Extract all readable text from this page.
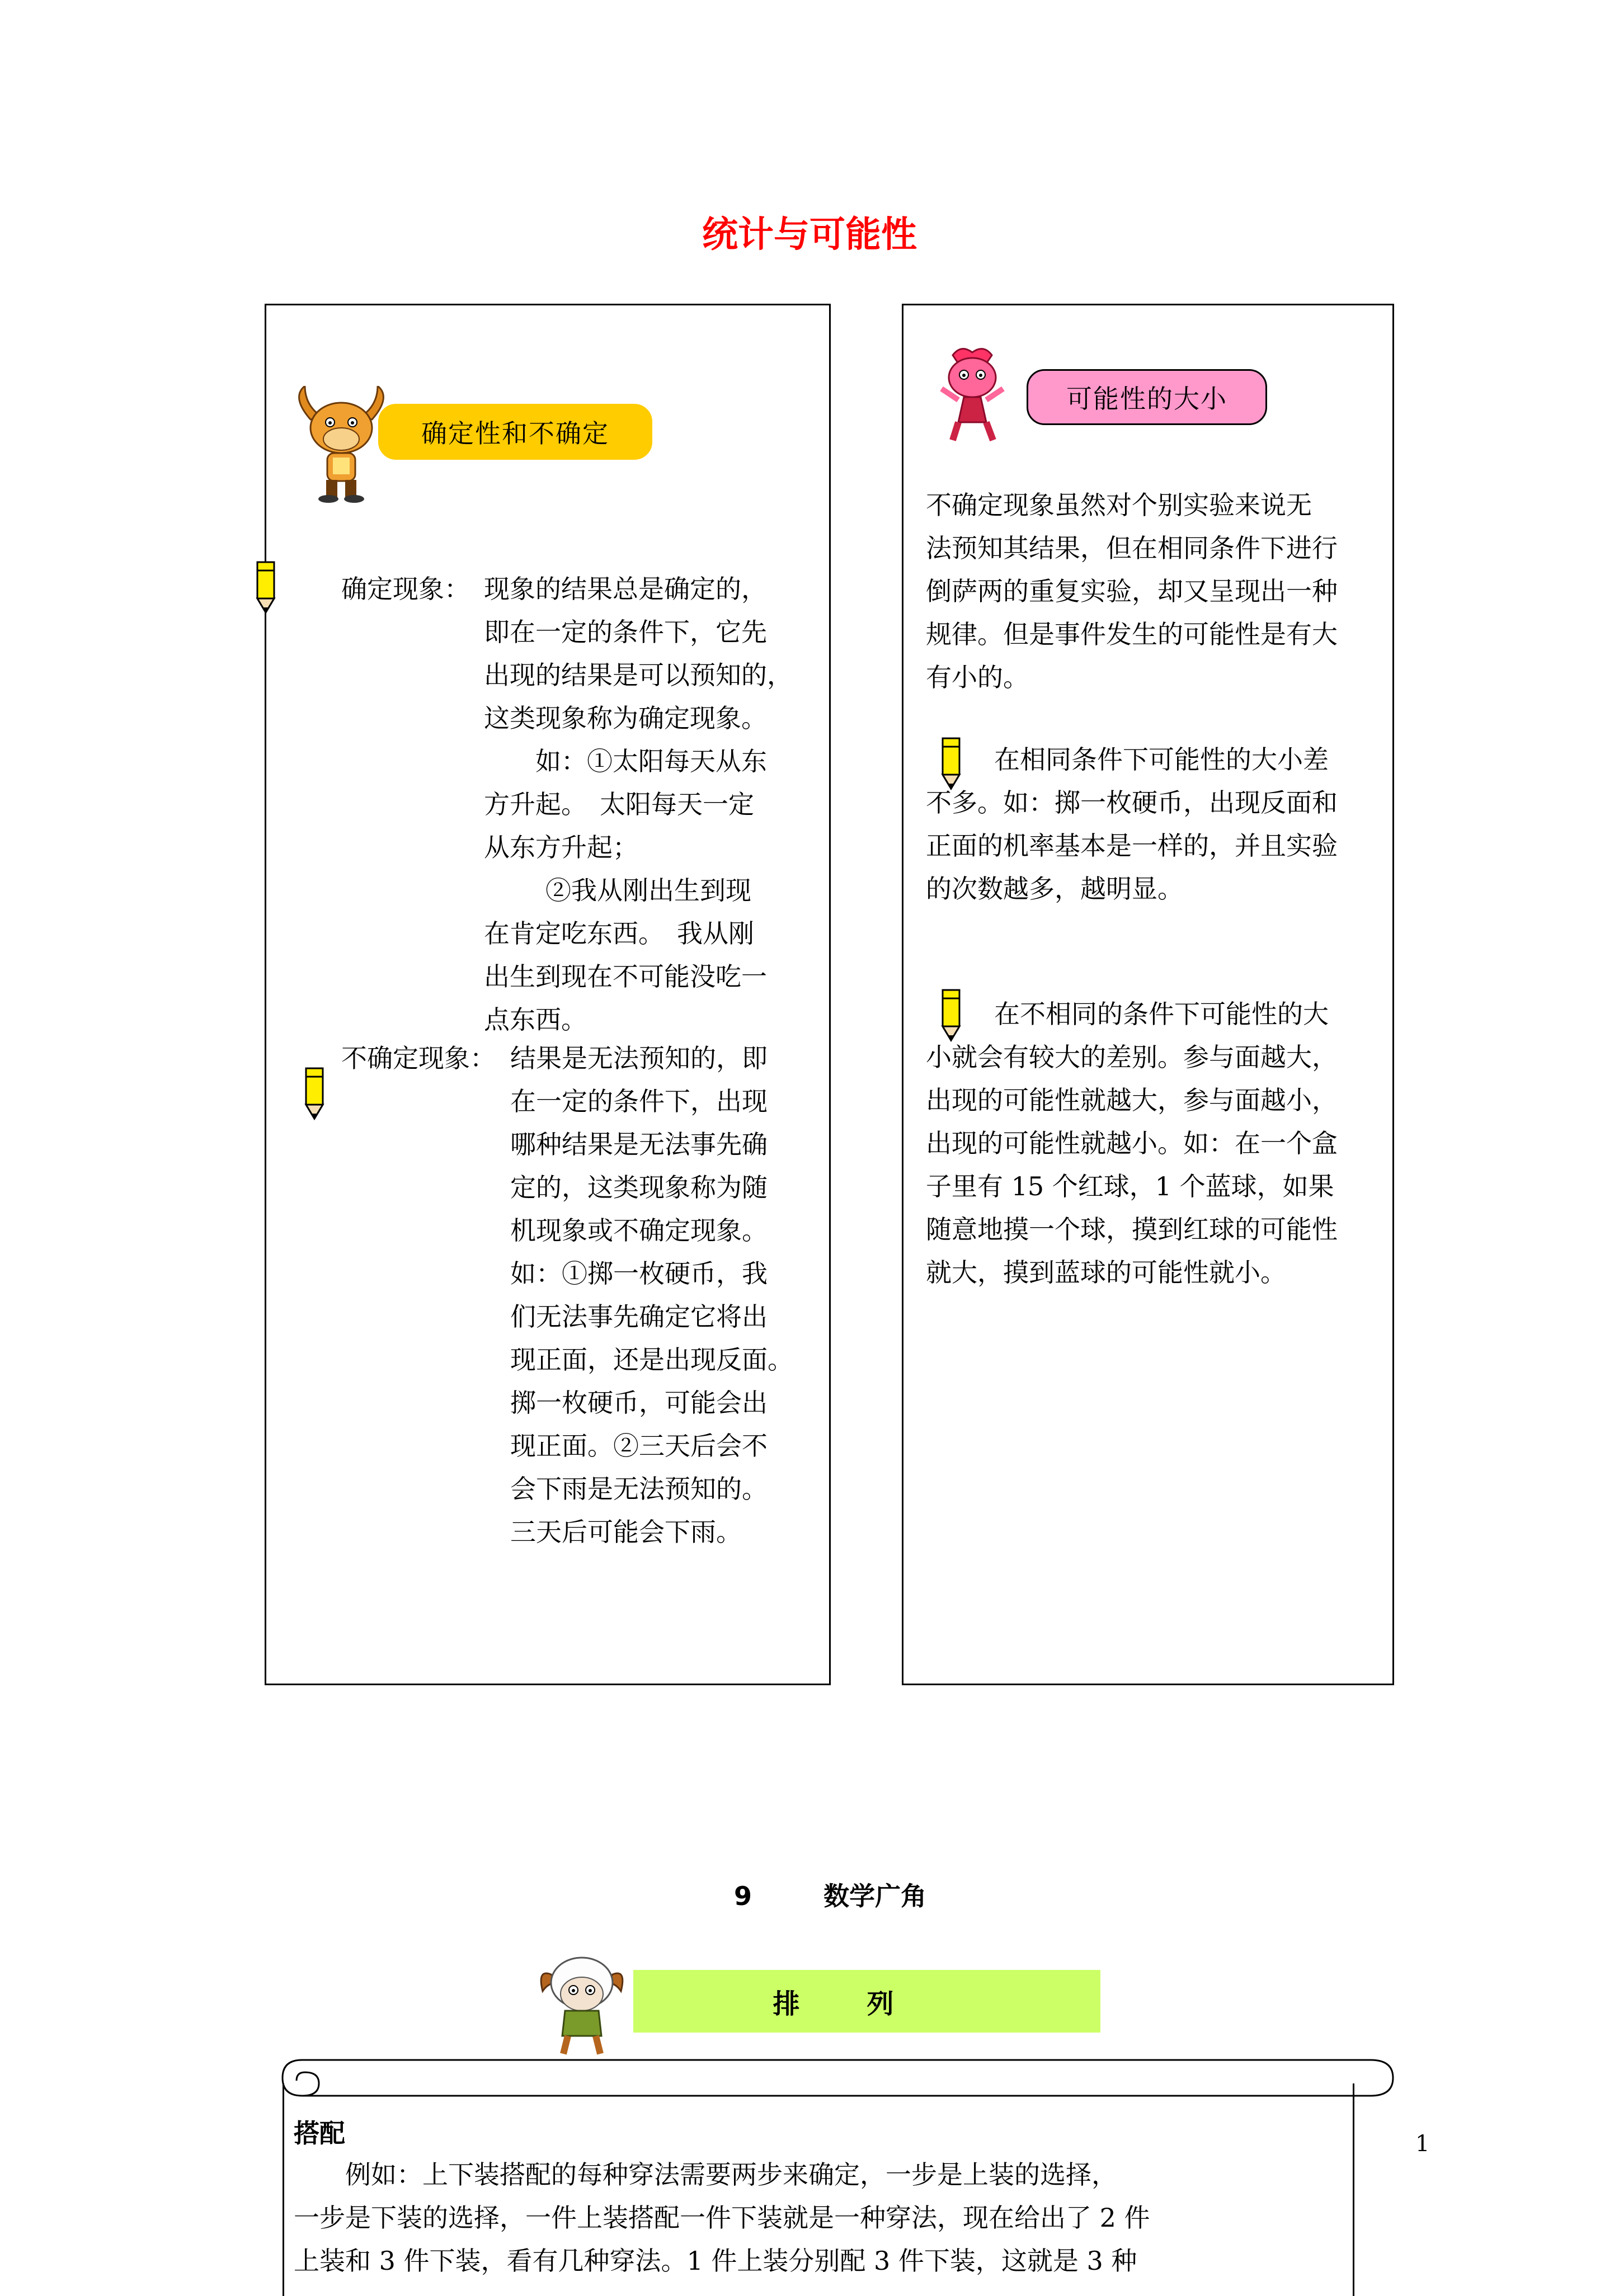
统计与可能性
确定性和不确定
确定现象： 现象的结果总是确定的，

即在一定的条件下，它先

出现的结果是可以预知的，

这类现象称为确定现象。

如：①太阳每天从东

方升起。　太阳每天一定

从东方升起；

②我从刚出生到现

在肯定吃东西。　我从刚

出生到现在不可能没吃一

点东西。

不确定现象： 结果是无法预知的，即

在一定的条件下，出现

哪种结果是无法事先确

定的，这类现象称为随

机现象或不确定现象。

如：①掷一枚硬币，我

们无法事先确定它将出

现正面，还是出现反面。

掷一枚硬币，可能会出

现正面。②三天后会不

会下雨是无法预知的。

三天后可能会下雨。

可能性的大小

不确定现象虽然对个别实验来说无

法预知其结果，但在相同条件下进行

倒萨两的重复实验，却又呈现出一种

规律。但是事件发生的可能性是有大

有小的。

在相同条件下可能性的大小差

不多。如：掷一枚硬币，出现反面和

正面的机率基本是一样的，并且实验

的次数越多，越明显。

在不相同的条件下可能性的大

小就会有较大的差别。参与面越大，

出现的可能性就越大，参与面越小，

出现的可能性就越小。如：在一个盒

子里有 15 个红球，1 个蓝球，如果

随意地摸一个球，摸到红球的可能性

就大，摸到蓝球的可能性就小。

9	数学广角

排列
搭配

例如：上下装搭配的每种穿法需要两步来确定，一步是上装的选择，

一步是下装的选择，一件上装搭配一件下装就是一种穿法，现在给出了 2 件

上装和 3 件下装，看有几种穿法。1 件上装分别配 3 件下装，这就是 3 种

1
